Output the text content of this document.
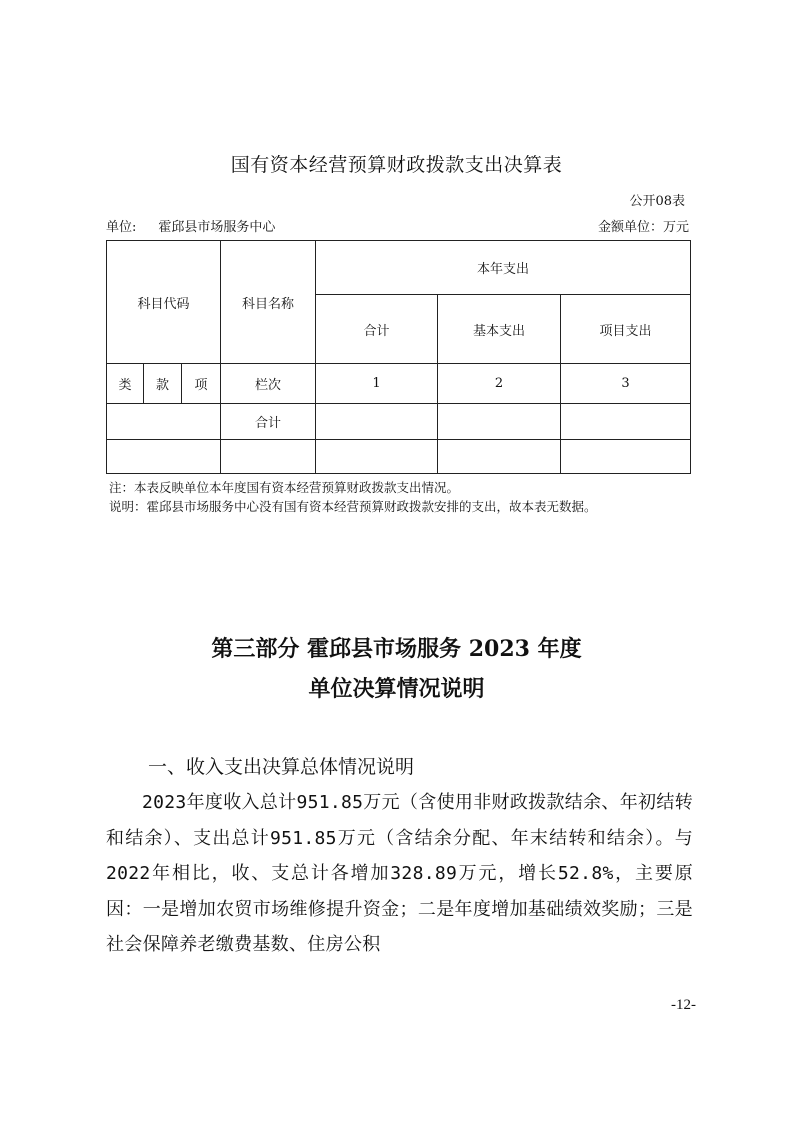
国有资本经营预算财政拨款支出决算表
公开08表
单位: 霍邱县市场服务中心	金额单位：万元
科目代码			科目名称	本年支出		
				合计	基本支出	项目支出
类	款	项	栏次	1	2	3
			合计			

注：本表反映单位本年度国有资本经营预算财政拨款支出情况。
说明：霍邱县市场服务中心没有国有资本经营预算财政拨款安排的支出，故本表无数据。
第三部分 霍邱县市场服务 2023 年度
单位决算情况说明
一、收入支出决算总体情况说明
2023年度收入总计951.85万元（含使用非财政拨款结余、年初结转和结余）、支出总计951.85万元（含结余分配、年末结转和结余）。与2022年相比，收、支总计各增加328.89万元，增长52.8%，主要原因：一是增加农贸市场维修提升资金；二是年度增加基础绩效奖励；三是社会保障养老缴费基数、住房公积
-12-
